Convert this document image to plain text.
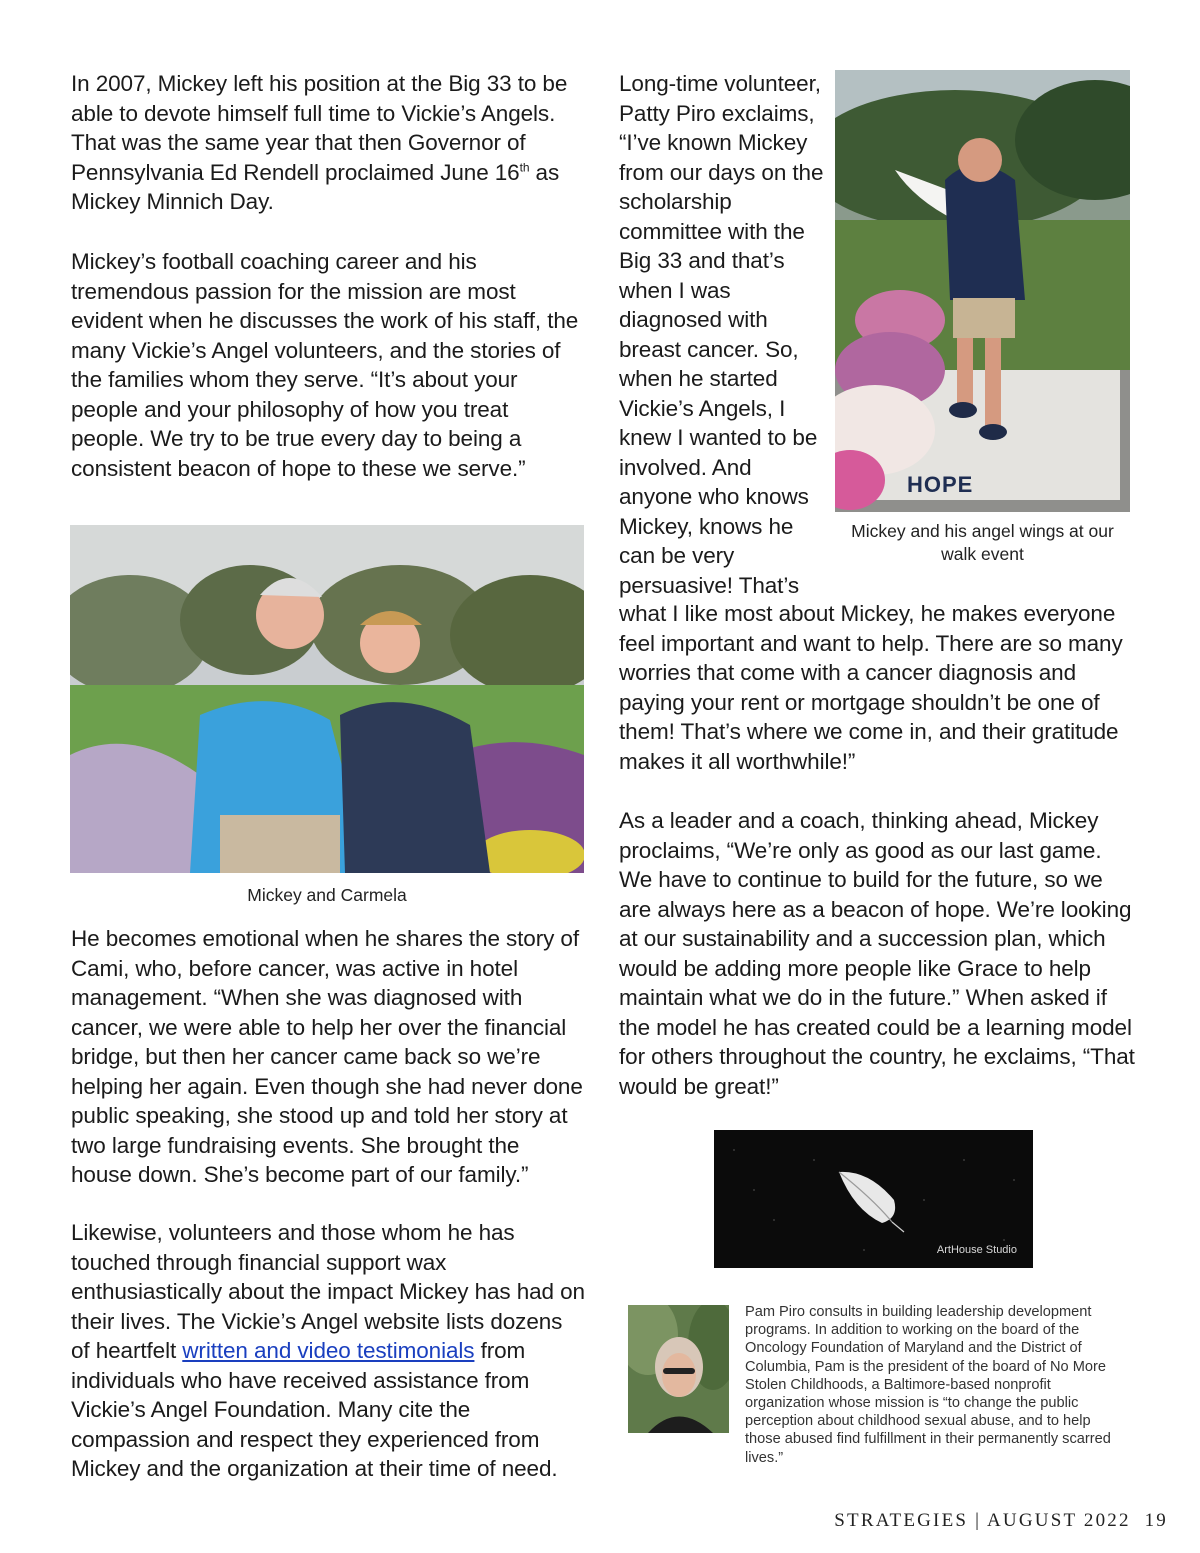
In 2007, Mickey left his position at the Big 33 to be able to devote himself full time to Vickie’s Angels. That was the same year that then Governor of Pennsylvania Ed Rendell proclaimed June 16th as Mickey Minnich Day.

Mickey’s football coaching career and his tremendous passion for the mission are most evident when he discusses the work of his staff, the many Vickie’s Angel volunteers, and the stories of the families whom they serve. “It’s about your people and your philosophy of how you treat people. We try to be true every day to being a consistent beacon of hope to these we serve.”

Mickey and Carmela

He becomes emotional when he shares the story of Cami, who, before cancer, was active in hotel management. “When she was diagnosed with cancer, we were able to help her over the financial bridge, but then her cancer came back so we’re helping her again. Even though she had never done public speaking, she stood up and told her story at two large fundraising events. She brought the house down. She’s become part of our family.”

Likewise, volunteers and those whom he has touched through financial support wax enthusiastically about the impact Mickey has had on their lives. The Vickie’s Angel website lists dozens of heartfelt written and video testimonials from individuals who have received assistance from Vickie’s Angel Foundation. Many cite the compassion and respect they experienced from Mickey and the organization at their time of need.

Long-time volunteer, Patty Piro exclaims, “I’ve known Mickey from our days on the scholarship committee with the Big 33 and that’s when I was diagnosed with breast cancer. So, when he started Vickie’s Angels, I knew I wanted to be involved. And anyone who knows Mickey, knows he can be very persuasive! That’s

HOPE

Mickey and his angel wings at our walk event

what I like most about Mickey, he makes everyone feel important and want to help. There are so many worries that come with a cancer diagnosis and paying your rent or mortgage shouldn’t be one of them! That’s where we come in, and their gratitude makes it all worthwhile!”

As a leader and a coach, thinking ahead, Mickey proclaims, “We’re only as good as our last game. We have to continue to build for the future, so we are always here as a beacon of hope. We’re looking at our sustainability and a succession plan, which would be adding more people like Grace to help maintain what we do in the future.” When asked if the model he has created could be a learning model for others throughout the country, he exclaims, “That would be great!”

ArtHouse Studio

Pam Piro consults in building leadership development programs. In addition to working on the board of the Oncology Foundation of Maryland and the District of Columbia, Pam is the president of the board of No More Stolen Childhoods, a Baltimore-based nonprofit organization whose mission is “to change the public perception about childhood sexual abuse, and to help those abused find fulfillment in their permanently scarred lives.”

STRATEGIES | AUGUST 2022 19
